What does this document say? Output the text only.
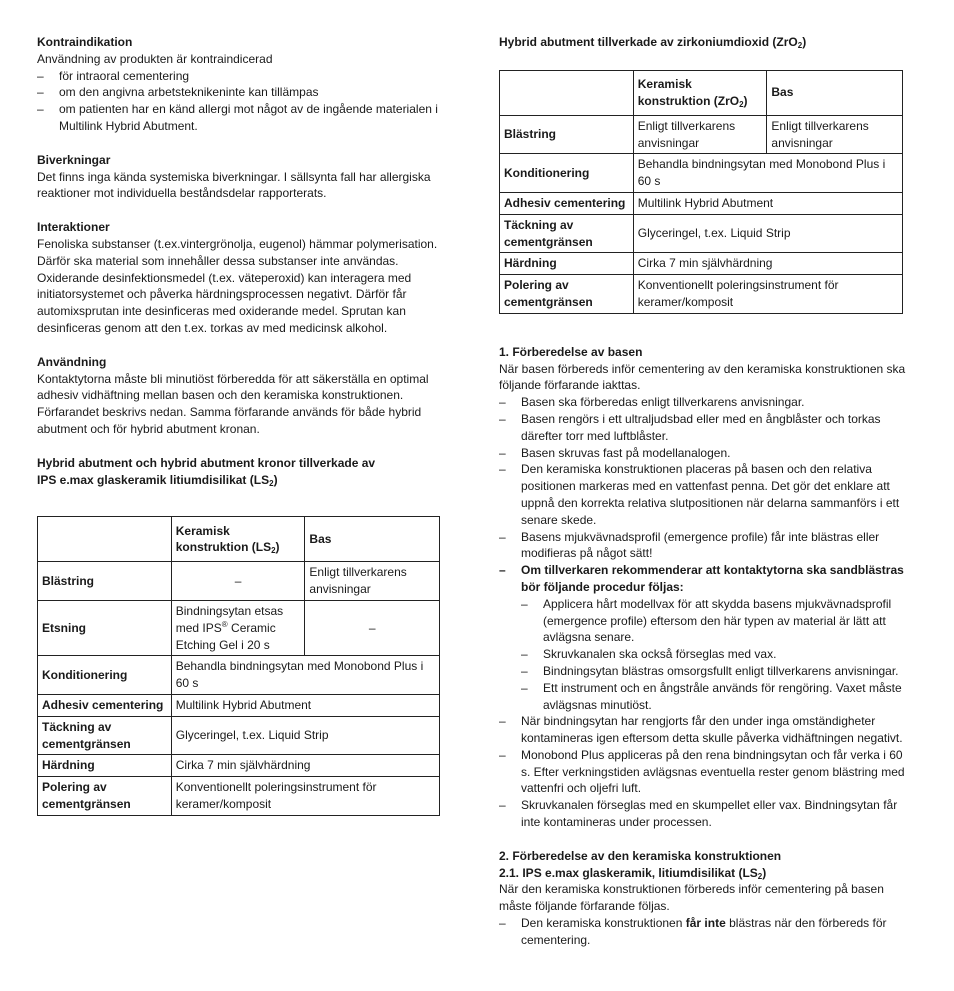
Kontraindikation

Användning av produkten är kontraindicerad

– för intraoral cementering
– om den angivna arbetsteknikeninte kan tillämpas
– om patienten har en känd allergi mot något av de ingående materialen i Multilink Hybrid Abutment.

Biverkningar

Det finns inga kända systemiska biverkningar. I sällsynta fall har allergiska reaktioner mot individuella beståndsdelar rapporterats.

Interaktioner

Fenoliska substanser (t.ex.vintergrönolja, eugenol) hämmar polymerisation. Därför ska material som innehåller dessa substanser inte användas. Oxiderande desinfektionsmedel (t.ex. väteperoxid) kan interagera med initiatorsystemet och påverka härdningsprocessen negativt. Därför får automixsprutan inte desinficeras med oxiderande medel. Sprutan kan desinficeras genom att den t.ex. torkas av med medicinsk alkohol.

Användning

Kontaktytorna måste bli minutiöst förberedda för att säkerställa en optimal adhesiv vidhäftning mellan basen och den keramiska konstruktionen. Förfarandet beskrivs nedan. Samma förfarande används för både hybrid abutment och för hybrid abutment kronan.

Hybrid abutment och hybrid abutment kronor tillverkade av
IPS e.max glaskeramik litiumdisilikat $(LS_2)$

	Keramisk konstruktion $(LS_2)$	Bas
Blästring	–	Enligt tillverkarens anvisningar
Etsning	Bindningsytan etsas med IPS® Ceramic Etching Gel i 20 s	–
Konditionering	Behandla bindningsytan med Monobond Plus i 60 s	
Adhesiv cementering	Multilink Hybrid Abutment	
Täckning av cementgränsen	Glyceringel, t.ex. Liquid Strip	
Härdning	Cirka 7 min självhärdning	
Polering av cementgränsen	Konventionellt poleringsinstrument för keramer/komposit	

Hybrid abutment tillverkade av zirkoniumdioxid (ZrO$_2$)

	Keramisk konstruktion (ZrO$_2$)	Bas
Blästring	Enligt tillverkarens anvisningar	Enligt tillverkarens anvisningar
Konditionering	Behandla bindningsytan med Monobond Plus i 60 s	
Adhesiv cementering	Multilink Hybrid Abutment	
Täckning av cementgränsen	Glyceringel, t.ex. Liquid Strip	
Härdning	Cirka 7 min självhärdning	
Polering av cementgränsen	Konventionellt poleringsinstrument för keramer/komposit	

1. Förberedelse av basen

När basen förbereds inför cementering av den keramiska konstruktionen ska följande förfarande iakttas.

– Basen ska förberedas enligt tillverkarens anvisningar.
– Basen rengörs i ett ultraljudsbad eller med en ångblåster och torkas därefter torr med luftblåster.
– Basen skruvas fast på modellanalogen.
– Den keramiska konstruktionen placeras på basen och den relativa positionen markeras med en vattenfast penna. Det gör det enklare att uppnå den korrekta relativa slutpositionen när delarna sammanförs i ett senare skede.
– Basens mjukvävnadsprofil (emergence profile) får inte blästras eller modifieras på något sätt!
– Om tillverkaren rekommenderar att kontaktytorna ska sandblästras bör följande procedur följas:
– Applicera hårt modellvax för att skydda basens mjukvävnadsprofil (emergence profile) eftersom den här typen av material är lätt att avlägsna senare.
– Skruvkanalen ska också förseglas med vax.
– Bindningsytan blästras omsorgsfullt enligt tillverkarens anvisningar.
– Ett instrument och en ångstråle används för rengöring. Vaxet måste avlägsnas minutiöst.
– När bindningsytan har rengjorts får den under inga omständigheter kontamineras igen eftersom detta skulle påverka vidhäftningen negativt.
– Monobond Plus appliceras på den rena bindningsytan och får verka i 60 s. Efter verkningstiden avlägsnas eventuella rester genom blästring med vattenfri och oljefri luft.
– Skruvkanalen förseglas med en skumpellet eller vax. Bindningsytan får inte kontamineras under processen.

2. Förberedelse av den keramiska konstruktionen

2.1. IPS e.max glaskeramik, litiumdisilikat $(LS_2)$

När den keramiska konstruktionen förbereds inför cementering på basen måste följande förfarande följas.

– Den keramiska konstruktionen får inte blästras när den förbereds för cementering.
